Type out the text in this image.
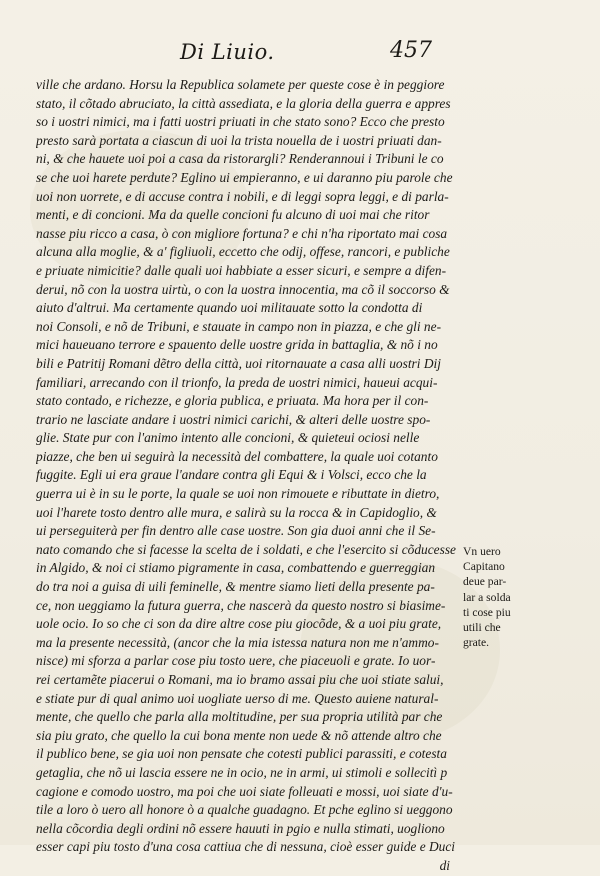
Di Liuio.	457
ville che ardano. Horsu la Republica solamete per queste cose è in peggiore
stato, il cõtado abruciato, la città assediata, e la gloria della guerra e appres
so i uostri nimici, ma i fatti uostri priuati in che stato sono? Ecco che presto
presto sarà portata a ciascun di uoi la trista nouella de i uostri priuati dan-
ni, & che hauete uoi poi a casa da ristorargli? Renderannoui i Tribuni le co
se che uoi harete perdute? Eglino ui empieranno, e ui daranno piu parole che
uoi non uorrete, e di accuse contra i nobili, e di leggi sopra leggi, e di parla-
menti, e di concioni. Ma da quelle concioni fu alcuno di uoi mai che ritor
nasse piu ricco a casa, ò con migliore fortuna? e chi n'ha riportato mai cosa
alcuna alla moglie, & a' figliuoli, eccetto che odij, offese, rancori, e publiche
e priuate nimicitie? dalle quali uoi habbiate a esser sicuri, e sempre a difen-
derui, nõ con la uostra uirtù, o con la uostra innocentia, ma cõ il soccorso &
aiuto d'altrui. Ma certamente quando uoi militauate sotto la condotta di
noi Consoli, e nõ de Tribuni, e stauate in campo non in piazza, e che gli ne-
mici haueuano terrore e spauento delle uostre grida in battaglia, & nõ i no
bili e Patritij Romani dẽtro della città, uoi ritornauate a casa alli uostri Dij
familiari, arrecando con il trionfo, la preda de uostri nimici, haueui acqui-
stato contado, e richezze, e gloria publica, e priuata. Ma hora per il con-
trario ne lasciate andare i uostri nimici carichi, & alteri delle uostre spo-
glie. State pur con l'animo intento alle concioni, & quieteui ociosi nelle
piazze, che ben ui seguirà la necessità del combattere, la quale uoi cotanto
fuggite. Egli ui era graue l'andare contra gli Equi & i Volsci, ecco che la
guerra ui è in su le porte, la quale se uoi non rimouete e ributtate in dietro,
uoi l'harete tosto dentro alle mura, e salirà su la rocca & in Capidoglio, &
ui perseguiterà per fin dentro alle case uostre. Son gia duoi anni che il Se-
nato comando che si facesse la scelta de i soldati, e che l'esercito si cõducesse
in Algido, & noi ci stiamo pigramente in casa, combattendo e guerreggian
do tra noi a guisa di uili feminelle, & mentre siamo lieti della presente pa-
ce, non ueggiamo la futura guerra, che nascerà da questo nostro si biasime-
uole ocio. Io so che ci son da dire altre cose piu giocõde, & a uoi piu grate,
ma la presente necessità, (ancor che la mia istessa natura non me n'ammo-
nisce) mi sforza a parlar cose piu tosto uere, che piaceuoli e grate. Io uor-
rei certamẽte piacerui o Romani, ma io bramo assai piu che uoi stiate salui,
e stiate pur di qual animo uoi uogliate uerso di me. Questo auiene natural-
mente, che quello che parla alla moltitudine, per sua propria utilità par che
sia piu grato, che quello la cui bona mente non uede & nõ attende altro che
il publico bene, se gia uoi non pensate che cotesti publici parassiti, e cotesta
getaglia, che nõ ui lascia essere ne in ocio, ne in armi, ui stimoli e sollecitì p
cagione e comodo uostro, ma poi che uoi siate folleuati e mossi, uoi siate d'u-
tile a loro ò uero all honore ò a qualche guadagno. Et pche eglino si ueggono
nella cõcordia degli ordini nõ essere hauuti in pgio e nulla stimati, uogliono
esser capi piu tosto d'una cosa cattiua che di nessuna, cioè esser guide e Duci
di
Vn uero
Capitano
deue par-
lar a solda
ti cose piu
utili che
grate.
